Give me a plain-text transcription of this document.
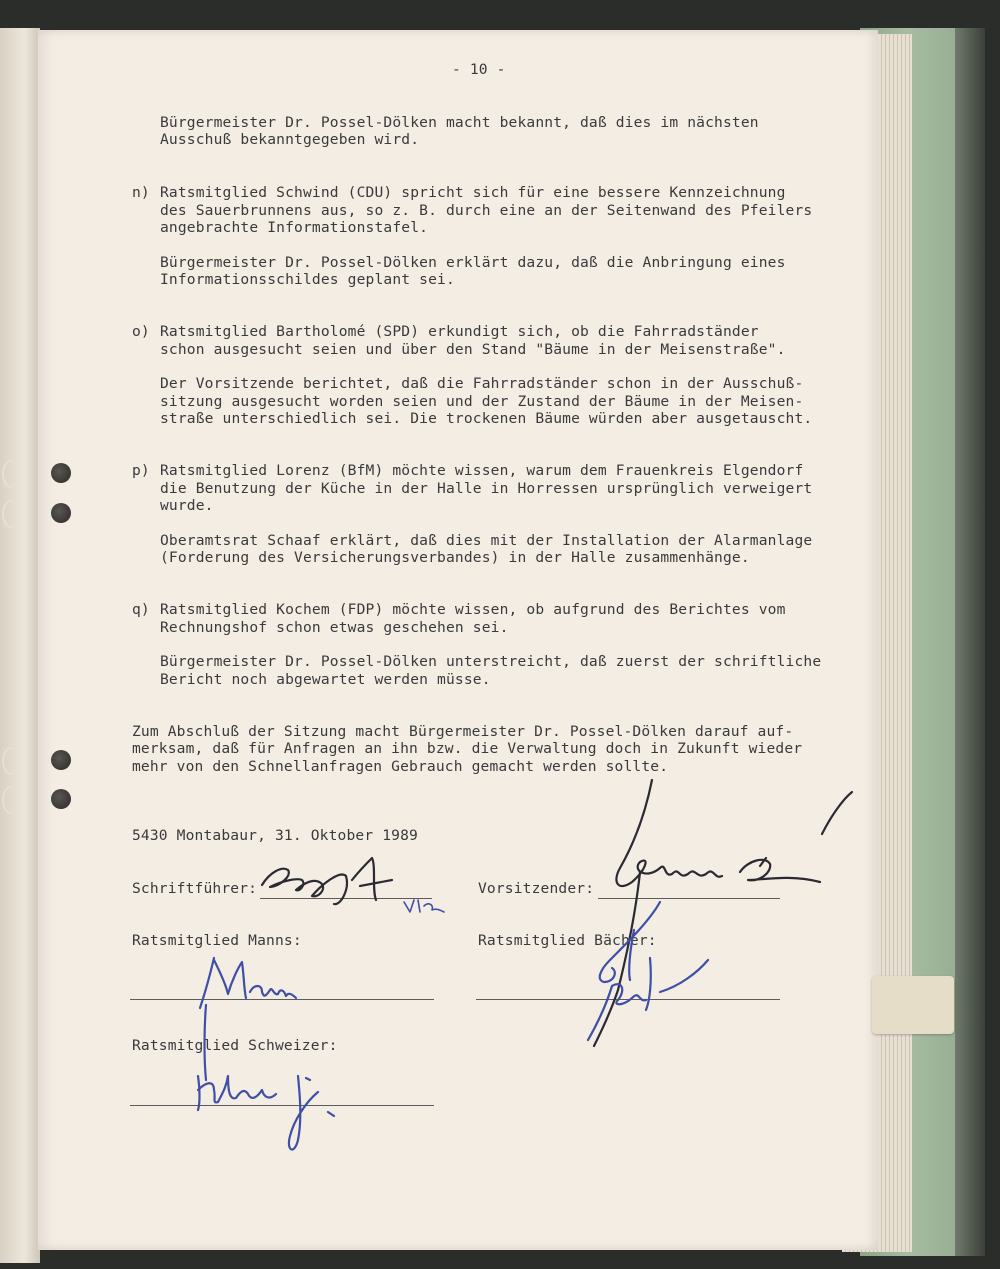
- 10 -
Bürgermeister Dr. Possel-Dölken macht bekannt, daß dies im nächsten
Ausschuß bekanntgegeben wird.
n) Ratsmitglied Schwind (CDU) spricht sich für eine bessere Kennzeichnung
des Sauerbrunnens aus, so z. B. durch eine an der Seitenwand des Pfeilers
angebrachte Informationstafel.
Bürgermeister Dr. Possel-Dölken erklärt dazu, daß die Anbringung eines
Informationsschildes geplant sei.
o) Ratsmitglied Bartholomé (SPD) erkundigt sich, ob die Fahrradständer
schon ausgesucht seien und über den Stand "Bäume in der Meisenstraße".
Der Vorsitzende berichtet, daß die Fahrradständer schon in der Ausschuß-
sitzung ausgesucht worden seien und der Zustand der Bäume in der Meisen-
straße unterschiedlich sei. Die trockenen Bäume würden aber ausgetauscht.
p) Ratsmitglied Lorenz (BfM) möchte wissen, warum dem Frauenkreis Elgendorf
die Benutzung der Küche in der Halle in Horressen ursprünglich verweigert
wurde.
Oberamtsrat Schaaf erklärt, daß dies mit der Installation der Alarmanlage
(Forderung des Versicherungsverbandes) in der Halle zusammenhänge.
q) Ratsmitglied Kochem (FDP) möchte wissen, ob aufgrund des Berichtes vom
Rechnungshof schon etwas geschehen sei.
Bürgermeister Dr. Possel-Dölken unterstreicht, daß zuerst der schriftliche
Bericht noch abgewartet werden müsse.
Zum Abschluß der Sitzung macht Bürgermeister Dr. Possel-Dölken darauf auf-
merksam, daß für Anfragen an ihn bzw. die Verwaltung doch in Zukunft wieder
mehr von den Schnellanfragen Gebrauch gemacht werden sollte.
5430 Montabaur, 31. Oktober 1989
Schriftführer:	Vorsitzender:
Ratsmitglied Manns:	Ratsmitglied Bächer:
Ratsmitglied Schweizer:
